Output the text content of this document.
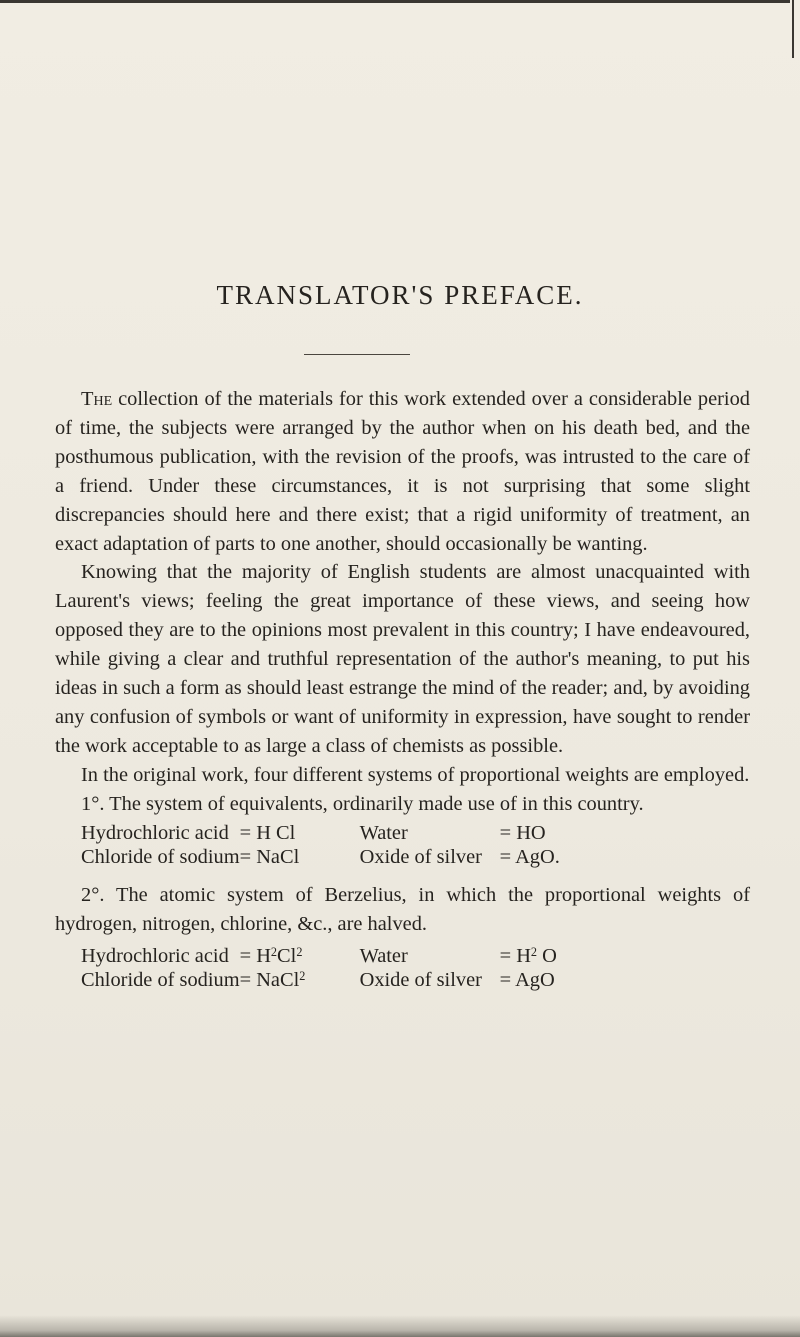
TRANSLATOR'S PREFACE.

The collection of the materials for this work extended over a considerable period of time, the subjects were arranged by the author when on his death bed, and the posthumous publication, with the revision of the proofs, was intrusted to the care of a friend. Under these circumstances, it is not surprising that some slight discrepancies should here and there exist; that a rigid uniformity of treatment, an exact adaptation of parts to one another, should occasionally be wanting.

Knowing that the majority of English students are almost unacquainted with Laurent's views; feeling the great importance of these views, and seeing how opposed they are to the opinions most prevalent in this country; I have endeavoured, while giving a clear and truthful representation of the author's meaning, to put his ideas in such a form as should least estrange the mind of the reader; and, by avoiding any confusion of symbols or want of uniformity in expression, have sought to render the work acceptable to as large a class of chemists as possible.

In the original work, four different systems of proportional weights are employed.

1°. The system of equivalents, ordinarily made use of in this country.

Hydrochloric acid	= H Cl	Water	= HO
Chloride of sodium	= NaCl	Oxide of silver	= AgO.

2°. The atomic system of Berzelius, in which the proportional weights of hydrogen, nitrogen, chlorine, &c., are halved.

Hydrochloric acid	= $H^2Cl^2$	Water	= $H^2$ O
Chloride of sodium	= NaCl$^2$	Oxide of silver	= AgO
